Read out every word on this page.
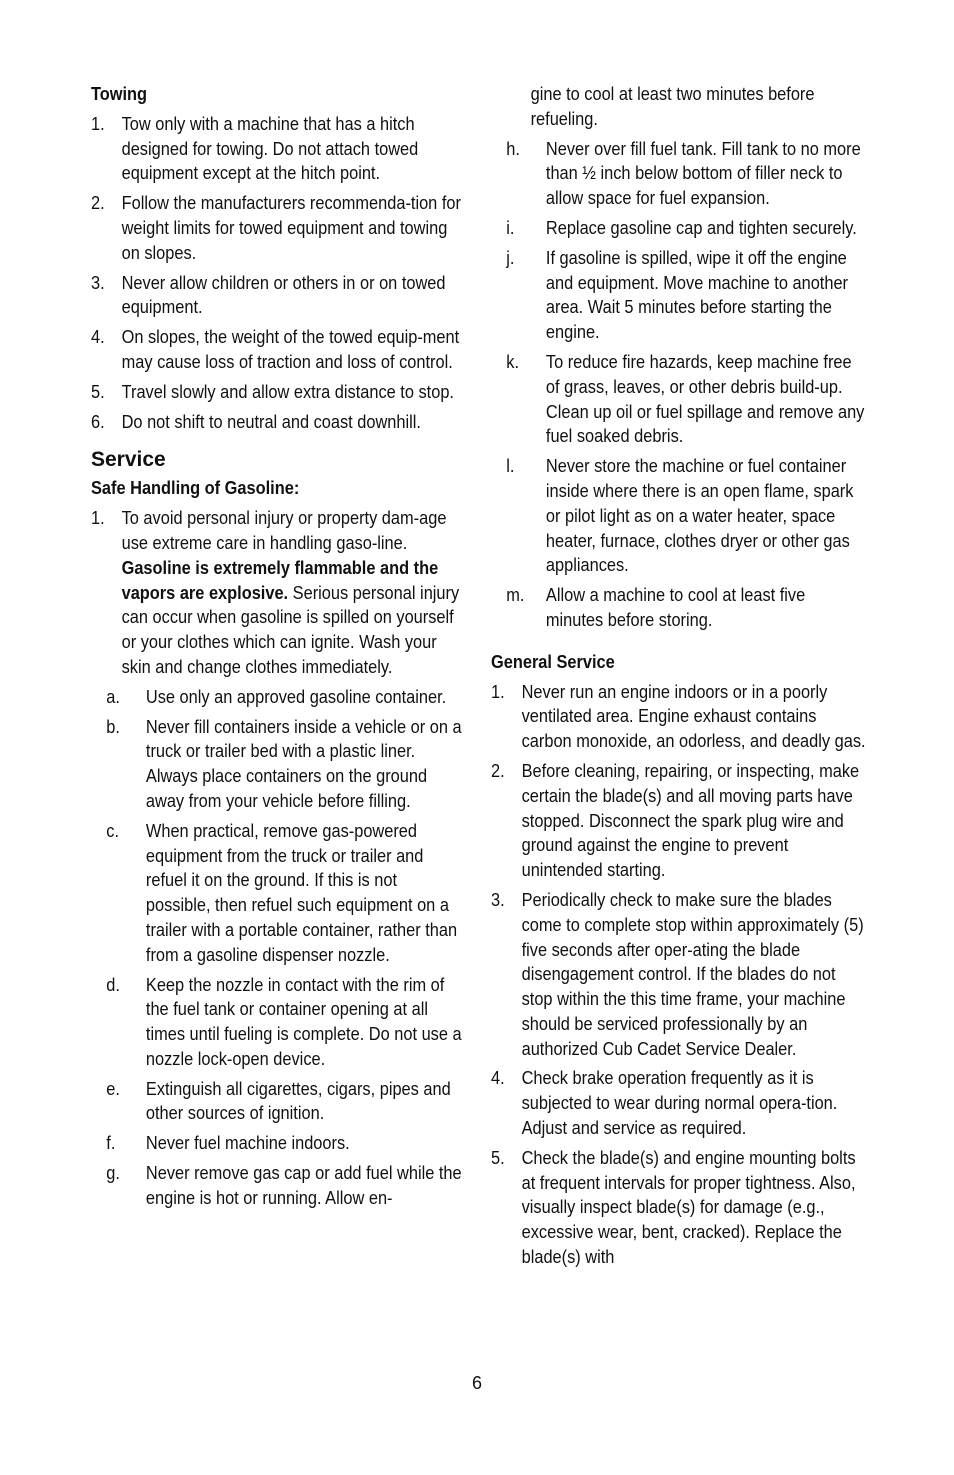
Towing
1. Tow only with a machine that has a hitch designed for towing. Do not attach towed equipment except at the hitch point.
2. Follow the manufacturers recommenda-tion for weight limits for towed equipment and towing on slopes.
3. Never allow children or others in or on towed equipment.
4. On slopes, the weight of the towed equip-ment may cause loss of traction and loss of control.
5. Travel slowly and allow extra distance to stop.
6. Do not shift to neutral and coast downhill.
Service
Safe Handling of Gasoline:
1. To avoid personal injury or property dam-age use extreme care in handling gaso-line. Gasoline is extremely flammable and the vapors are explosive. Serious personal injury can occur when gasoline is spilled on yourself or your clothes which can ignite. Wash your skin and change clothes immediately.
a.	Use only an approved gasoline container.
b.	Never fill containers inside a vehicle or on a truck or trailer bed with a plastic liner. Always place containers on the ground away from your vehicle before filling.
c.	When practical, remove gas-powered equipment from the truck or trailer and refuel it on the ground. If this is not possible, then refuel such equipment on a trailer with a portable container, rather than from a gasoline dispenser nozzle.
d.	Keep the nozzle in contact with the rim of the fuel tank or container opening at all times until fueling is complete. Do not use a nozzle lock-open device.
e.	Extinguish all cigarettes, cigars, pipes and other sources of ignition.
f.	Never fuel machine indoors.
g.	Never remove gas cap or add fuel while the engine is hot or running. Allow en-
gine to cool at least two minutes before refueling.
h.	Never over fill fuel tank. Fill tank to no more than ½ inch below bottom of filler neck to allow space for fuel expansion.
i.	Replace gasoline cap and tighten securely.
j.	If gasoline is spilled, wipe it off the engine and equipment. Move machine to another area. Wait 5 minutes before starting the engine.
k.	To reduce fire hazards, keep machine free of grass, leaves, or other debris build-up. Clean up oil or fuel spillage and remove any fuel soaked debris.
l.	Never store the machine or fuel container inside where there is an open flame, spark or pilot light as on a water heater, space heater, furnace, clothes dryer or other gas appliances.
m.	Allow a machine to cool at least five minutes before storing.
General Service
1. Never run an engine indoors or in a poorly ventilated area. Engine exhaust contains carbon monoxide, an odorless, and deadly gas.
2. Before cleaning, repairing, or inspecting, make certain the blade(s) and all moving parts have stopped. Disconnect the spark plug wire and ground against the engine to prevent unintended starting.
3. Periodically check to make sure the blades come to complete stop within approximately (5) five seconds after oper-ating the blade disengagement control. If the blades do not stop within the this time frame, your machine should be serviced professionally by an authorized Cub Cadet Service Dealer.
4. Check brake operation frequently as it is subjected to wear during normal opera-tion. Adjust and service as required.
5. Check the blade(s) and engine mounting bolts at frequent intervals for proper tightness. Also, visually inspect blade(s) for damage (e.g., excessive wear, bent, cracked). Replace the blade(s) with
6
